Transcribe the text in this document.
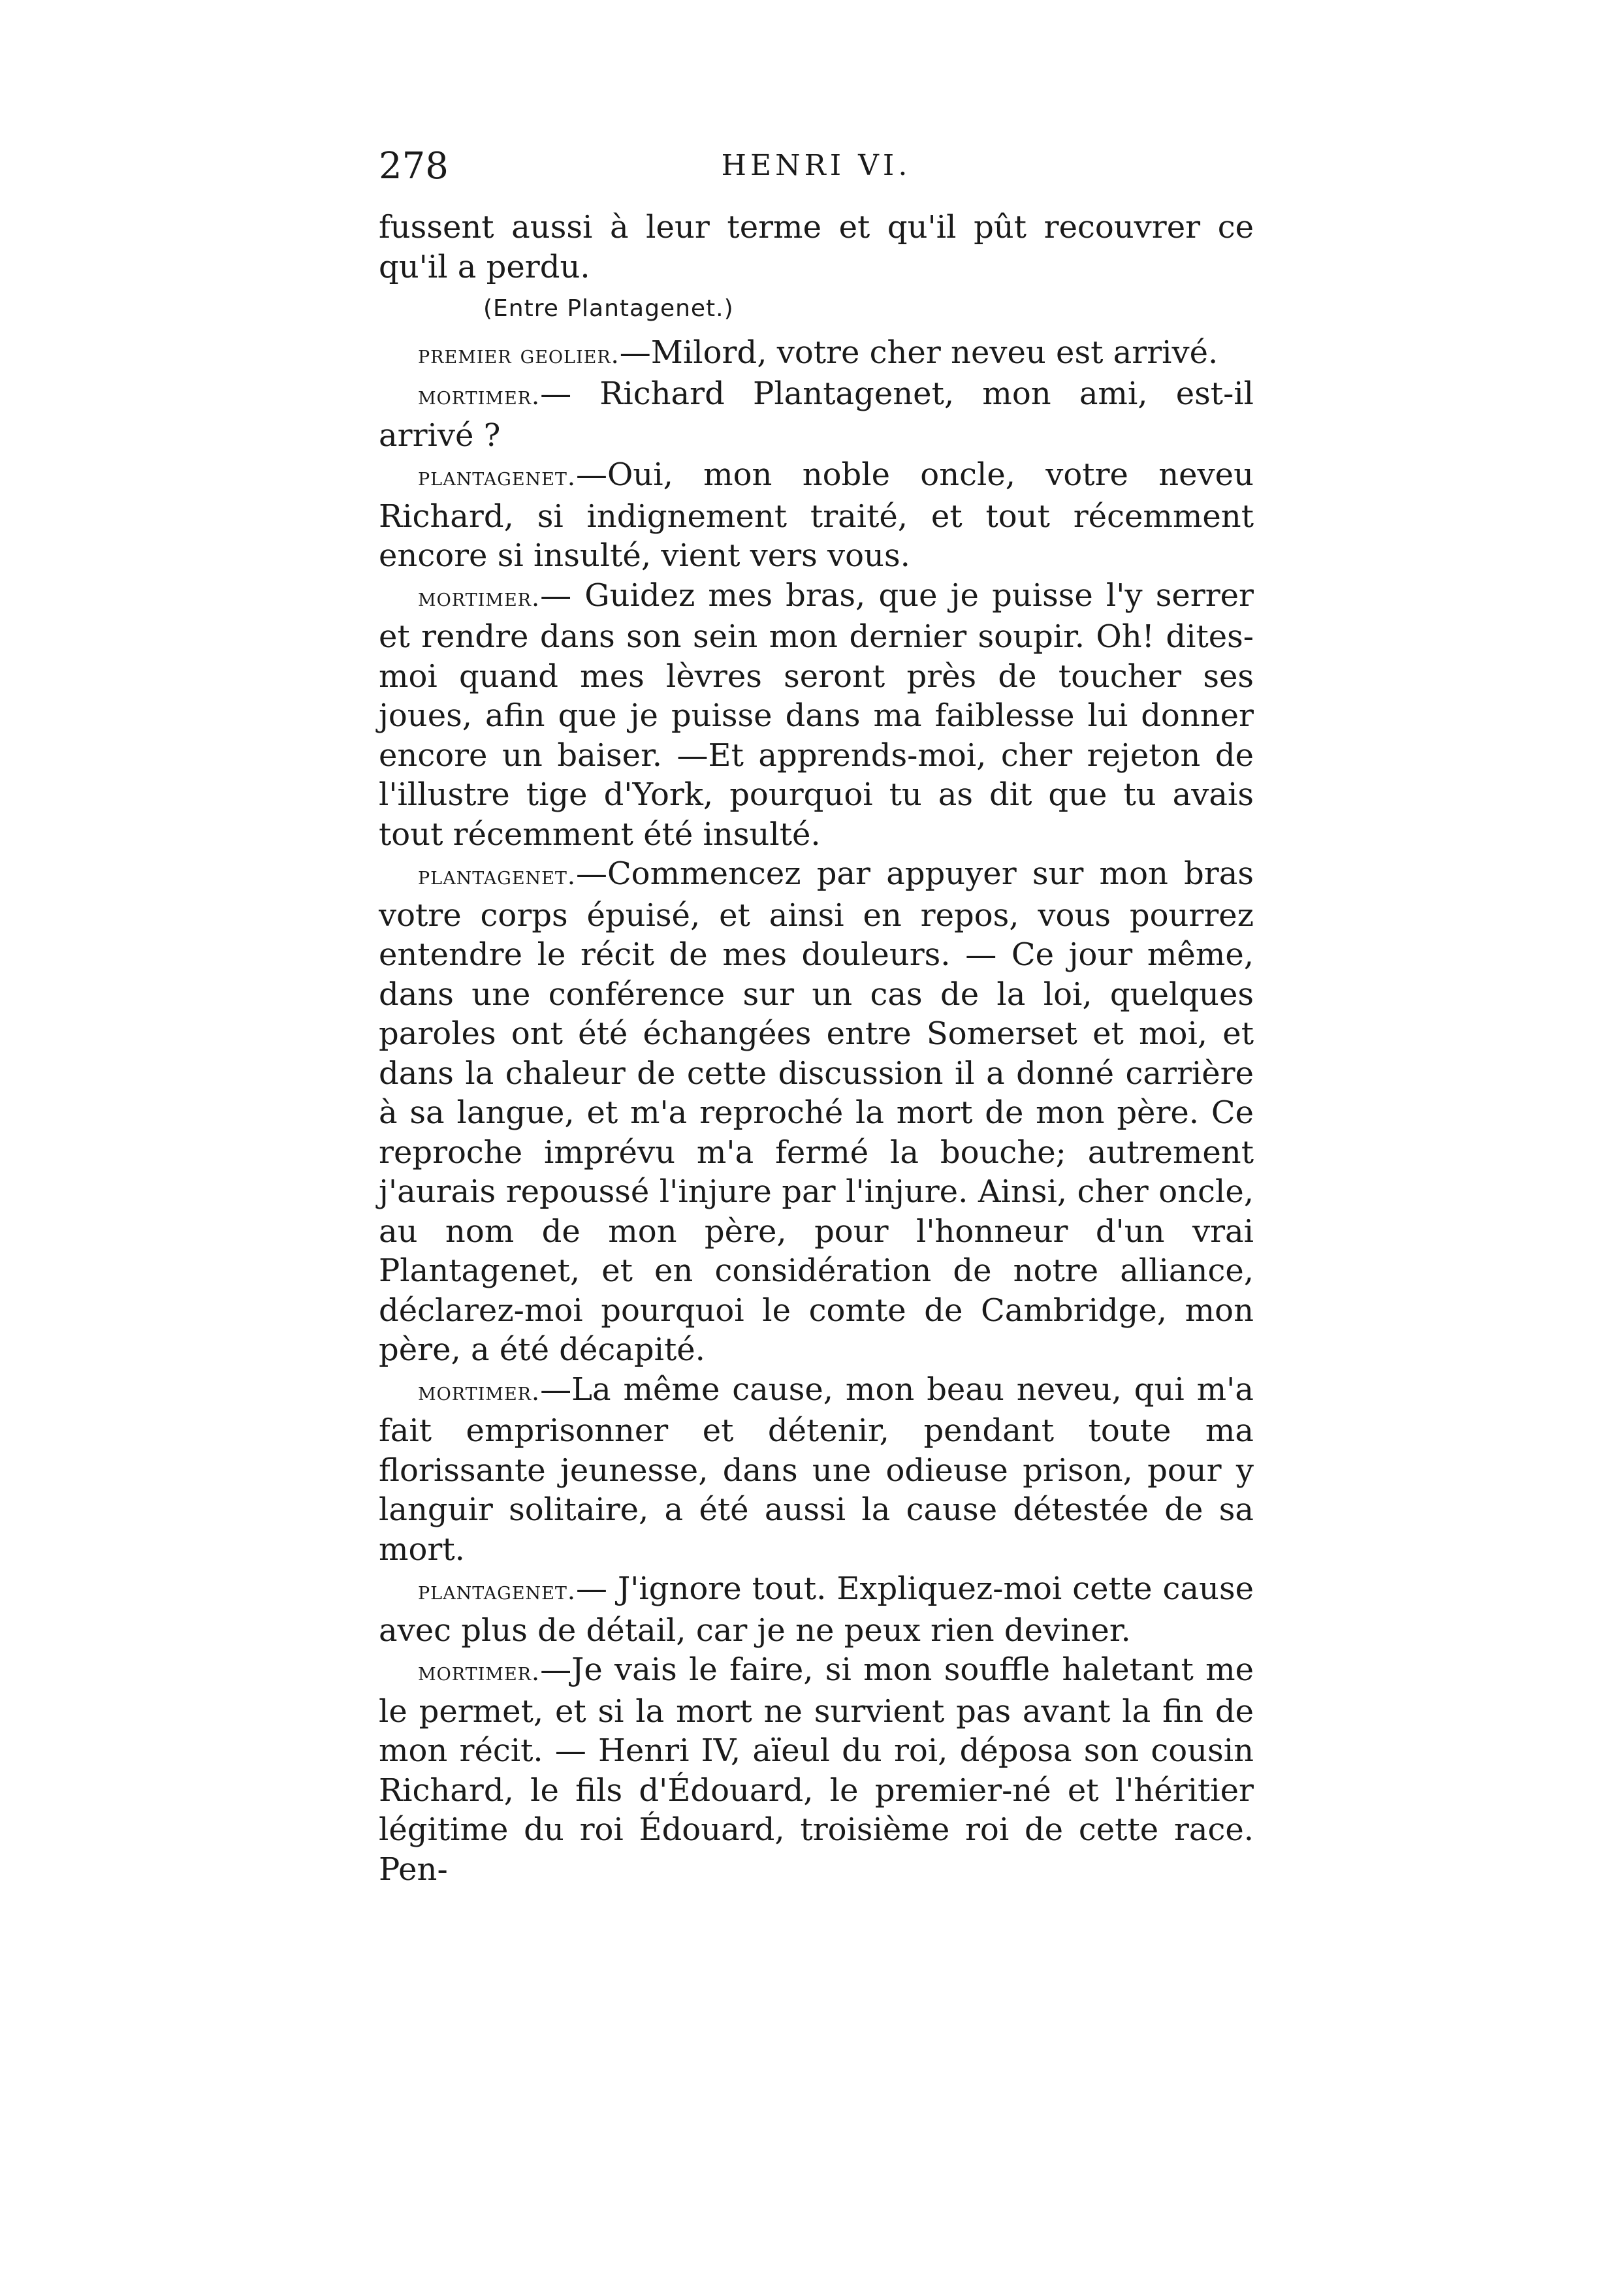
278	HENRI VI.

fussent aussi à leur terme et qu'il pût recouvrer ce qu'il a perdu.

(Entre Plantagenet.)

premier geolier.—Milord, votre cher neveu est arrivé.

mortimer.— Richard Plantagenet, mon ami, est-il arrivé ?

plantagenet.—Oui, mon noble oncle, votre neveu Richard, si indignement traité, et tout récemment encore si insulté, vient vers vous.

mortimer.— Guidez mes bras, que je puisse l'y serrer et rendre dans son sein mon dernier soupir. Oh! dites-moi quand mes lèvres seront près de toucher ses joues, afin que je puisse dans ma faiblesse lui donner encore un baiser. —Et apprends-moi, cher rejeton de l'illustre tige d'York, pourquoi tu as dit que tu avais tout récemment été insulté.

plantagenet.—Commencez par appuyer sur mon bras votre corps épuisé, et ainsi en repos, vous pourrez entendre le récit de mes douleurs. — Ce jour même, dans une conférence sur un cas de la loi, quelques paroles ont été échangées entre Somerset et moi, et dans la chaleur de cette discussion il a donné carrière à sa langue, et m'a reproché la mort de mon père. Ce reproche imprévu m'a fermé la bouche; autrement j'aurais repoussé l'injure par l'injure. Ainsi, cher oncle, au nom de mon père, pour l'honneur d'un vrai Plantagenet, et en considération de notre alliance, déclarez-moi pourquoi le comte de Cambridge, mon père, a été décapité.

mortimer.—La même cause, mon beau neveu, qui m'a fait emprisonner et détenir, pendant toute ma florissante jeunesse, dans une odieuse prison, pour y languir solitaire, a été aussi la cause détestée de sa mort.

plantagenet.— J'ignore tout. Expliquez-moi cette cause avec plus de détail, car je ne peux rien deviner.

mortimer.—Je vais le faire, si mon souffle haletant me le permet, et si la mort ne survient pas avant la fin de mon récit. — Henri IV, aïeul du roi, déposa son cousin Richard, le fils d'Édouard, le premier-né et l'héritier légitime du roi Édouard, troisième roi de cette race. Pen-
